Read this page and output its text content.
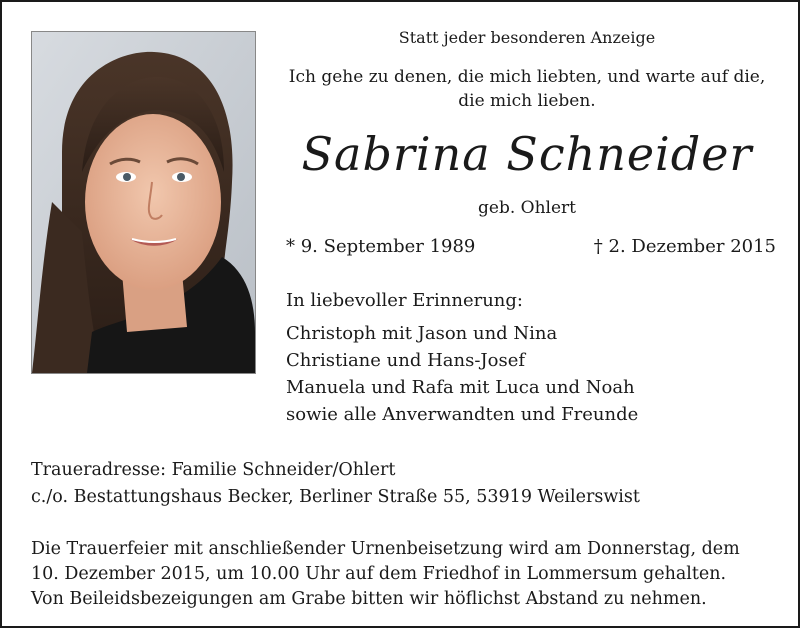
Statt jeder besonderen Anzeige
Ich gehe zu denen, die mich liebten, und warte auf die,
die mich lieben.
Sabrina Schneider
geb. Ohlert
* 9. September 1989	† 2. Dezember 2015
In liebevoller Erinnerung:
Christoph mit Jason und Nina
Christiane und Hans-Josef
Manuela und Rafa mit Luca und Noah
sowie alle Anverwandten und Freunde
Traueradresse: Familie Schneider/Ohlert
c./o. Bestattungshaus Becker, Berliner Straße 55, 53919 Weilerswist
Die Trauerfeier mit anschließender Urnenbeisetzung wird am Donnerstag, dem
10. Dezember 2015, um 10.00 Uhr auf dem Friedhof in Lommersum gehalten.
Von Beileidsbezeigungen am Grabe bitten wir höflichst Abstand zu nehmen.
